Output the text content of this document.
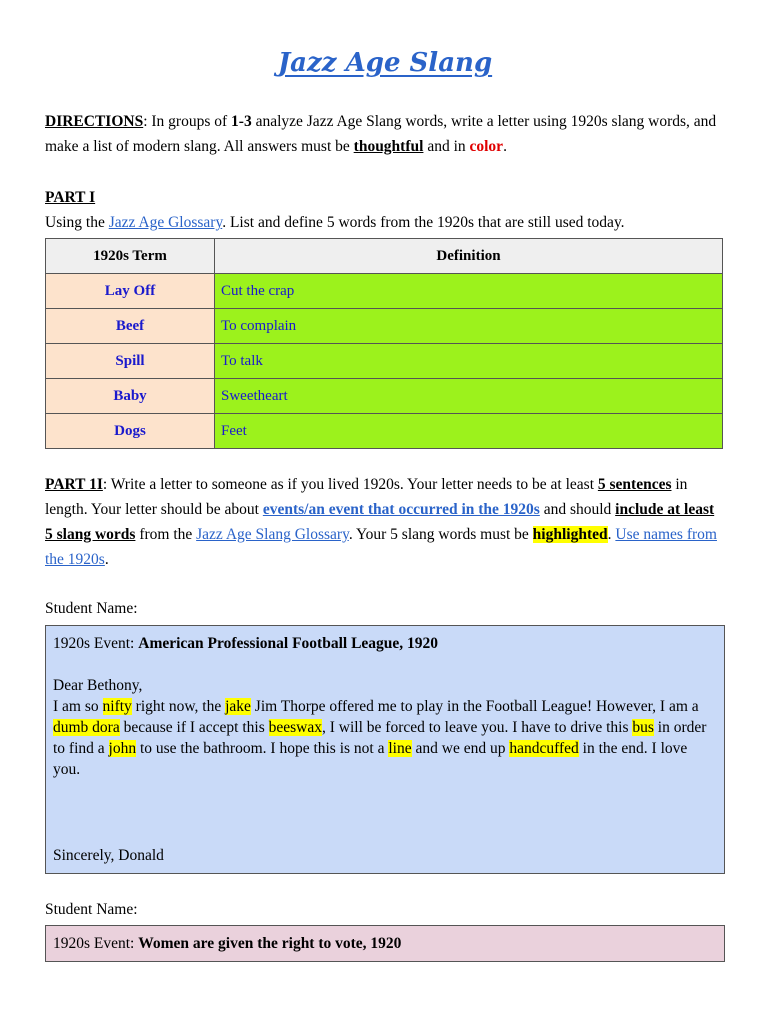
Jazz Age Slang

DIRECTIONS: In groups of 1-3 analyze Jazz Age Slang words, write a letter using 1920s slang words, and make a list of modern slang. All answers must be thoughtful and in color.

PART I

Using the Jazz Age Glossary. List and define 5 words from the 1920s that are still used today.

1920s Term	Definition
Lay Off	Cut the crap
Beef	To complain
Spill	To talk
Baby	Sweetheart
Dogs	Feet

PART 1I: Write a letter to someone as if you lived 1920s. Your letter needs to be at least 5 sentences in length. Your letter should be about events/an event that occurred in the 1920s and should include at least 5 slang words from the Jazz Age Slang Glossary. Your 5 slang words must be highlighted. Use names from the 1920s.

Student Name:

1920s Event: American Professional Football League, 1920

Dear Bethony,

I am so nifty right now, the jake Jim Thorpe offered me to play in the Football League! However, I am a dumb dora because if I accept this beeswax, I will be forced to leave you. I have to drive this bus in order to find a john to use the bathroom. I hope this is not a line and we end up handcuffed in the end. I love you.

Sincerely, Donald

Student Name:
1920s Event: Women are given the right to vote, 1920
